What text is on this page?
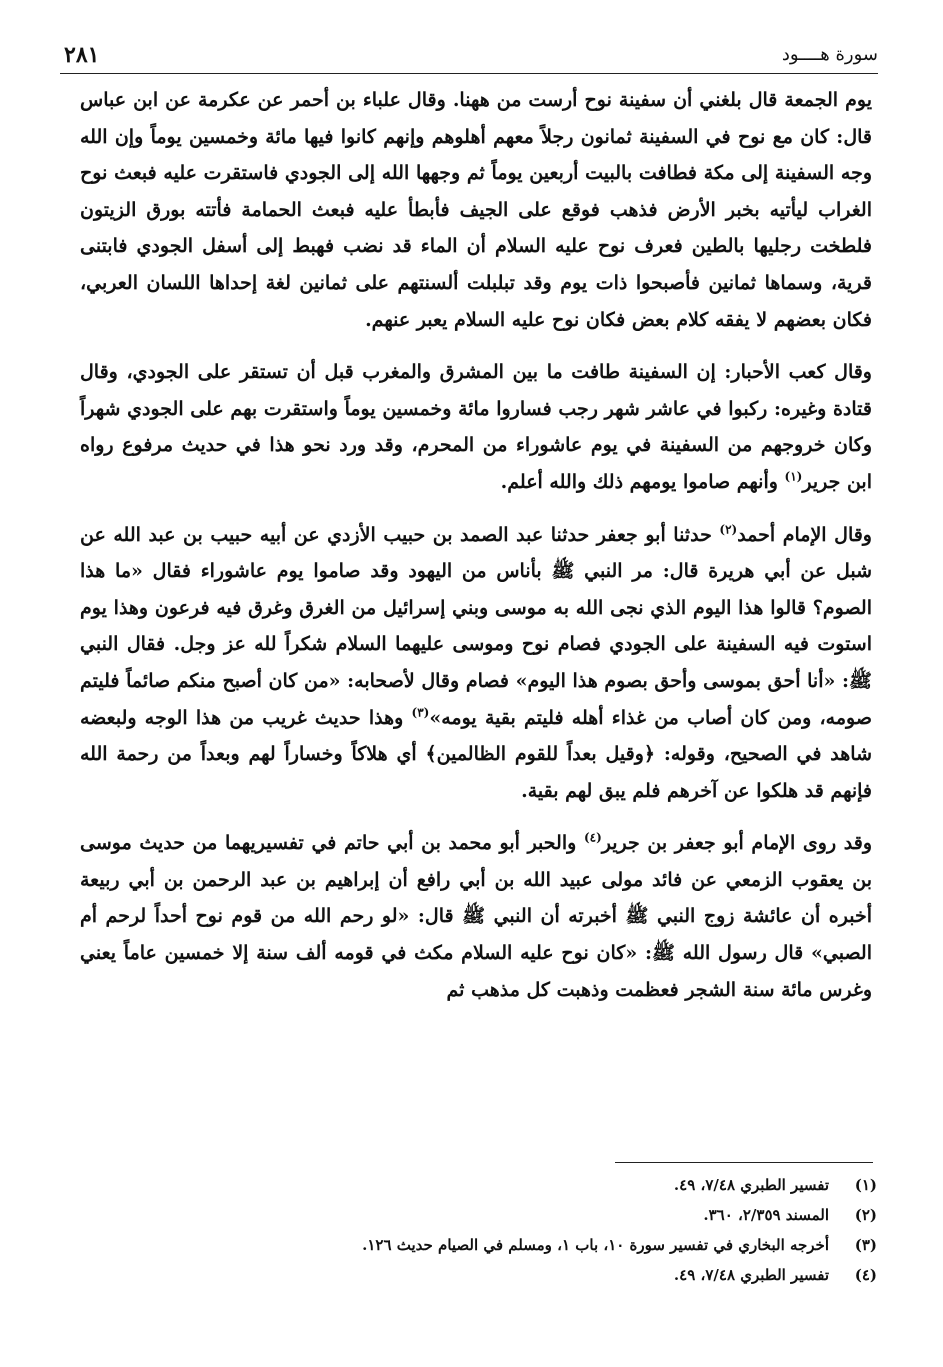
سورة هــــود
٢٨١

يوم الجمعة قال بلغني أن سفينة نوح أرست من ههنا. وقال علباء بن أحمر عن عكرمة عن ابن عباس قال: كان مع نوح في السفينة ثمانون رجلاً معهم أهلوهم وإنهم كانوا فيها مائة وخمسين يوماً وإن الله وجه السفينة إلى مكة فطافت بالبيت أربعين يوماً ثم وجهها الله إلى الجودي فاستقرت عليه فبعث نوح الغراب ليأتيه بخبر الأرض فذهب فوقع على الجيف فأبطأ عليه فبعث الحمامة فأتته بورق الزيتون فلطخت رجليها بالطين فعرف نوح عليه السلام أن الماء قد نضب فهبط إلى أسفل الجودي فابتنى قرية، وسماها ثمانين فأصبحوا ذات يوم وقد تبلبلت ألسنتهم على ثمانين لغة إحداها اللسان العربي، فكان بعضهم لا يفقه كلام بعض فكان نوح عليه السلام يعبر عنهم.

وقال كعب الأحبار: إن السفينة طافت ما بين المشرق والمغرب قبل أن تستقر على الجودي، وقال قتادة وغيره: ركبوا في عاشر شهر رجب فساروا مائة وخمسين يوماً واستقرت بهم على الجودي شهراً وكان خروجهم من السفينة في يوم عاشوراء من المحرم، وقد ورد نحو هذا في حديث مرفوع رواه ابن جرير$^{(١)}$ وأنهم صاموا يومهم ذلك والله أعلم.

وقال الإمام أحمد$^{(٢)}$ حدثنا أبو جعفر حدثنا عبد الصمد بن حبيب الأزدي عن أبيه حبيب بن عبد الله عن شبل عن أبي هريرة قال: مر النبي ﷺ بأناس من اليهود وقد صاموا يوم عاشوراء فقال «ما هذا الصوم؟ قالوا هذا اليوم الذي نجى الله به موسى وبني إسرائيل من الغرق وغرق فيه فرعون وهذا يوم استوت فيه السفينة على الجودي فصام نوح وموسى عليهما السلام شكراً لله عز وجل. فقال النبي ﷺ: «أنا أحق بموسى وأحق بصوم هذا اليوم» فصام وقال لأصحابه: «من كان أصبح منكم صائماً فليتم صومه، ومن كان أصاب من غذاء أهله فليتم بقية يومه»$^{(٣)}$ وهذا حديث غريب من هذا الوجه ولبعضه شاهد في الصحيح، وقوله: ﴿وقيل بعداً للقوم الظالمين﴾ أي هلاكاً وخساراً لهم وبعداً من رحمة الله فإنهم قد هلكوا عن آخرهم فلم يبق لهم بقية.

وقد روى الإمام أبو جعفر بن جرير$^{(٤)}$ والحبر أبو محمد بن أبي حاتم في تفسيريهما من حديث موسى بن يعقوب الزمعي عن فائد مولى عبيد الله بن أبي رافع أن إبراهيم بن عبد الرحمن بن أبي ربيعة أخبره أن عائشة زوج النبي ﷺ أخبرته أن النبي ﷺ قال: «لو رحم الله من قوم نوح أحداً لرحم أم الصبي» قال رسول الله ﷺ: «كان نوح عليه السلام مكث في قومه ألف سنة إلا خمسين عاماً يعني وغرس مائة سنة الشجر فعظمت وذهبت كل مذهب ثم

(١)
تفسير الطبري ٧/٤٨، ٤٩.
(٢)
المسند ٢/٣٥٩، ٣٦٠.
(٣)
أخرجه البخاري في تفسير سورة ١٠، باب ١، ومسلم في الصيام حديث ١٢٦.
(٤)
تفسير الطبري ٧/٤٨، ٤٩.
